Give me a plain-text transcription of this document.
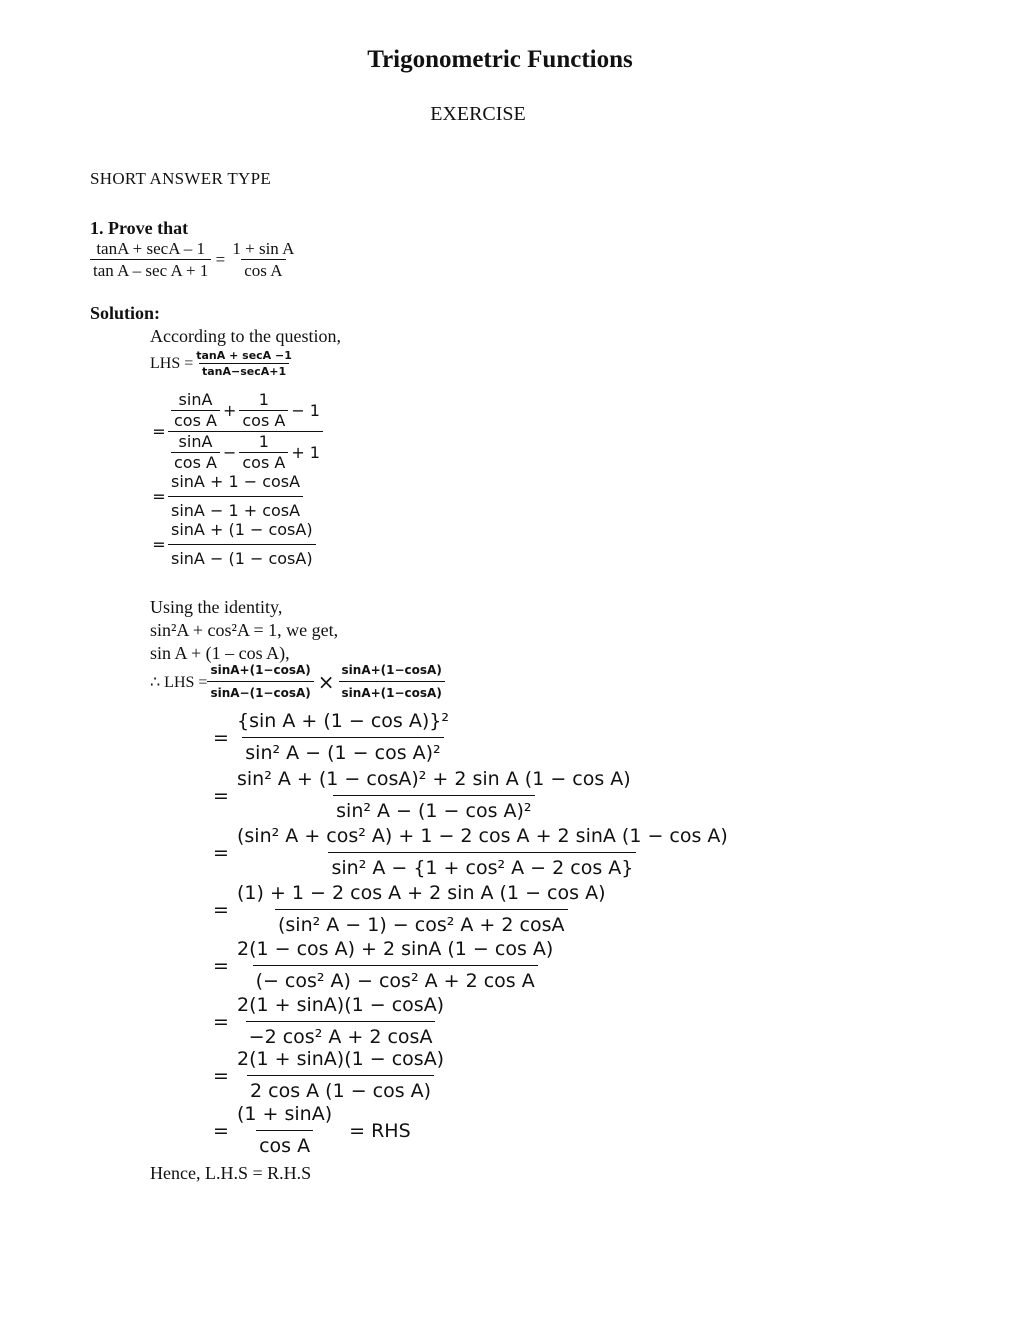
Trigonometric Functions
EXERCISE
SHORT ANSWER TYPE
1. Prove that
$\frac{\tan A + \sec A - 1}{\text{tan A – sec A + 1}} = \frac{\text{1 + sin A}}{\text{cos A}}$
Solution:
According to the question,
LHS = $\frac{\tan A + \sec A -1}{\tan A-\sec A+1}$
=
$\frac{\sin A}{\text{cos A}} + \frac{1}{\text{cos A}} - 1$
$\frac{\sin A}{\text{cos A}} - \frac{1}{\text{cos A}} + 1$
= $\frac{\sin A + 1 - \cos A}{\sin A - 1 + \cos A}$
= $\frac{\sin A + (1 - \cos A)}{\sin A - (1 - \cos A)}$
Using the identity,
sin²A + cos²A = 1, we get,
sin A + (1 – cos A),
∴ LHS = $\frac{\sin A+(1-\cos A)}{\sin A-(1-\cos A)} \times \frac{\sin A+(1-\cos A)}{\sin A+(1-\cos A)}$
= $\frac{\text{\{sin A + (1 − cos A)\}²}}{\text{sin² A − (1 − cos A)²}}$
= $\frac{\text{sin² A + (1 − cosA)² + 2 sin A (1 − cos A)}}{\text{sin² A − (1 − cos A)²}}$
= $\frac{\text{(sin² A + cos² A) + 1 − 2 cos A + 2 sinA (1 − cos A)}}{\text{sin² A − \{1 + cos² A − 2 cos A\}}}$
= $\frac{\text{(1) + 1 − 2 cos A + 2 sin A (1 − cos A)}}{\text{(sin² A − 1) − cos² A + 2 cosA}}$
= $\frac{\text{2(1 − cos A) + 2 sinA (1 − cos A)}}{\text{(− cos² A) − cos² A + 2 cos A}}$
= $\frac{2(1 + \sin A)(1 - \cos A)}{\text{−2 cos² A + 2 cosA}}$
= $\frac{2(1 + \sin A)(1 - \cos A)}{\text{2 cos A (1 − cos A)}}$
= $\frac{(1 + \sin A)}{\text{cos A}}$ = RHS
Hence, L.H.S = R.H.S
